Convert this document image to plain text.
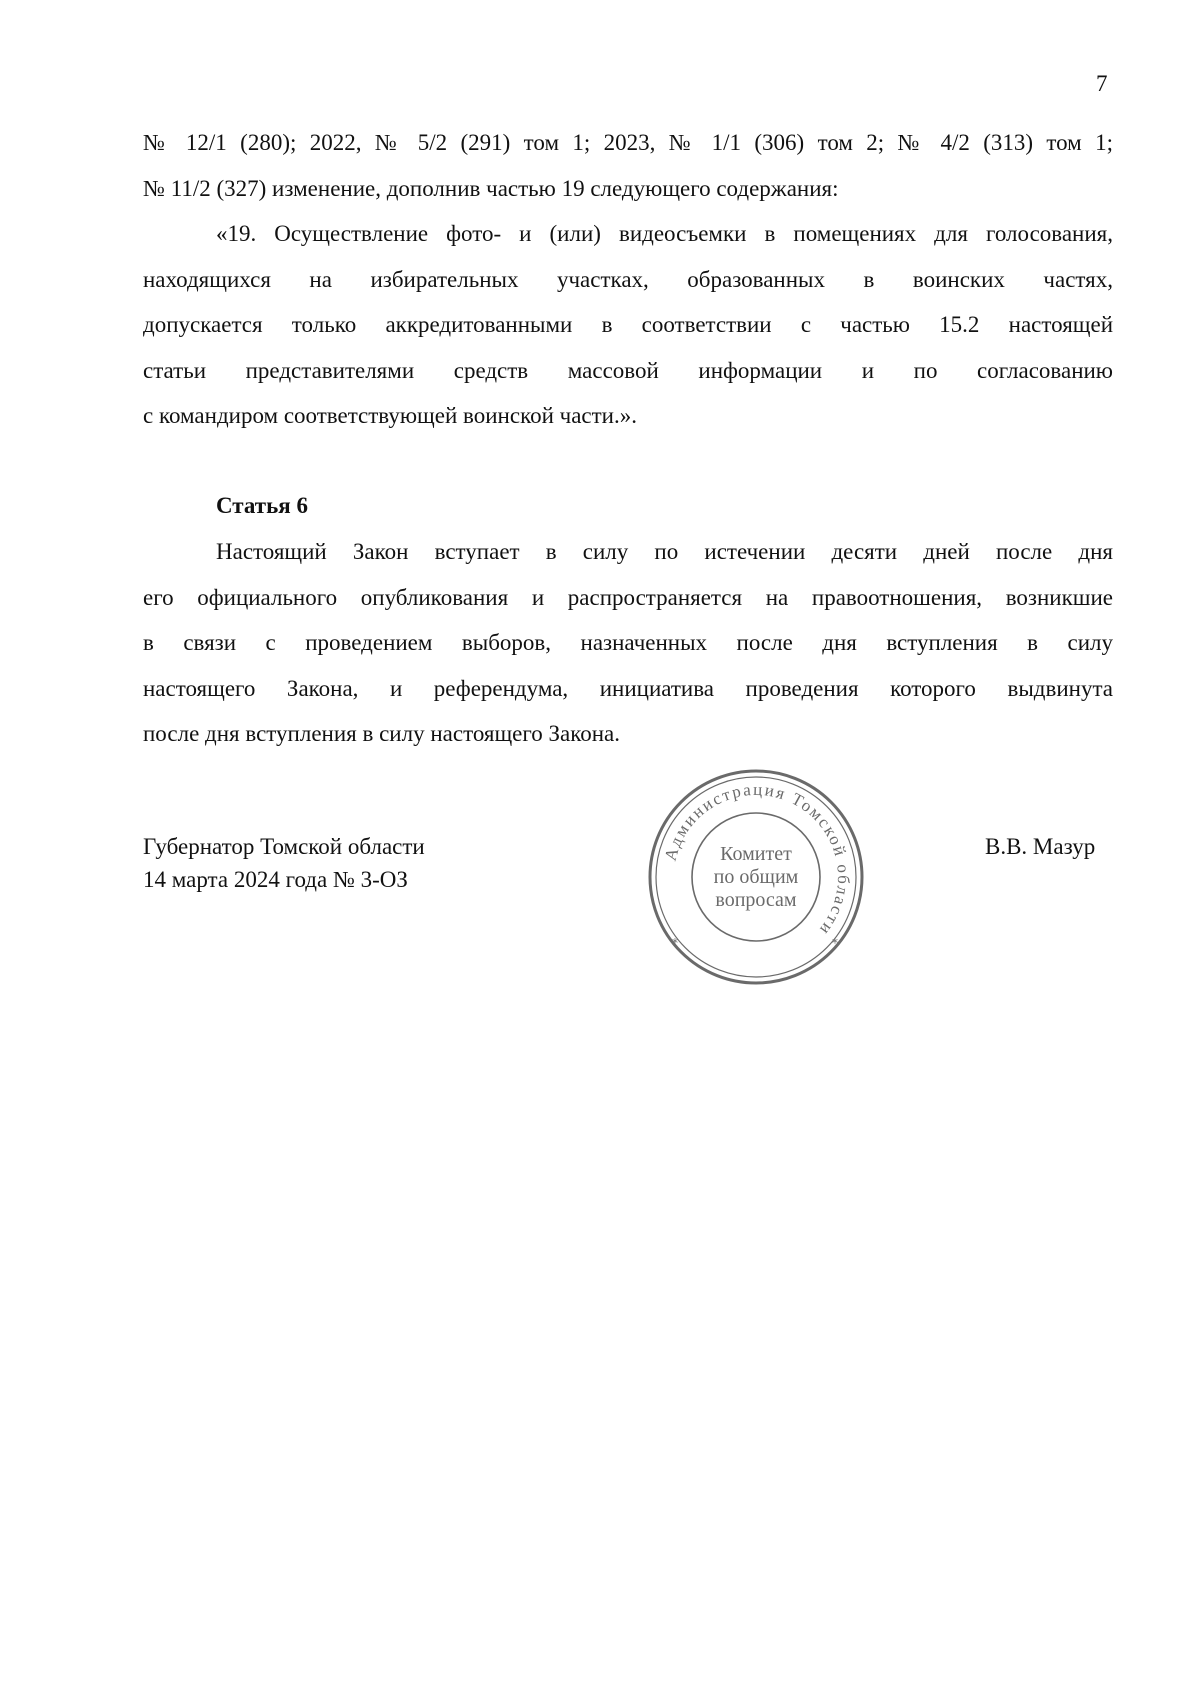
7
№ 12/1 (280); 2022, № 5/2 (291) том 1; 2023, № 1/1 (306) том 2; № 4/2 (313) том 1;
№ 11/2 (327) изменение, дополнив частью 19 следующего содержания:
«19. Осуществление фото- и (или) видеосъемки в помещениях для голосования,
находящихся на избирательных участках, образованных в воинских частях,
допускается только аккредитованными в соответствии с частью 15.2 настоящей
статьи представителями средств массовой информации и по согласованию
с командиром соответствующей воинской части.».
Статья 6
Настоящий Закон вступает в силу по истечении десяти дней после дня
его официального опубликования и распространяется на правоотношения, возникшие
в связи с проведением выборов, назначенных после дня вступления в силу
настоящего Закона, и референдума, инициатива проведения которого выдвинута
после дня вступления в силу настоящего Закона.
Губернатор Томской области
14 марта 2024 года № 3-ОЗ
В.В. Мазур
Администрация Томской области
*	*
Комитет
по общим
вопросам
